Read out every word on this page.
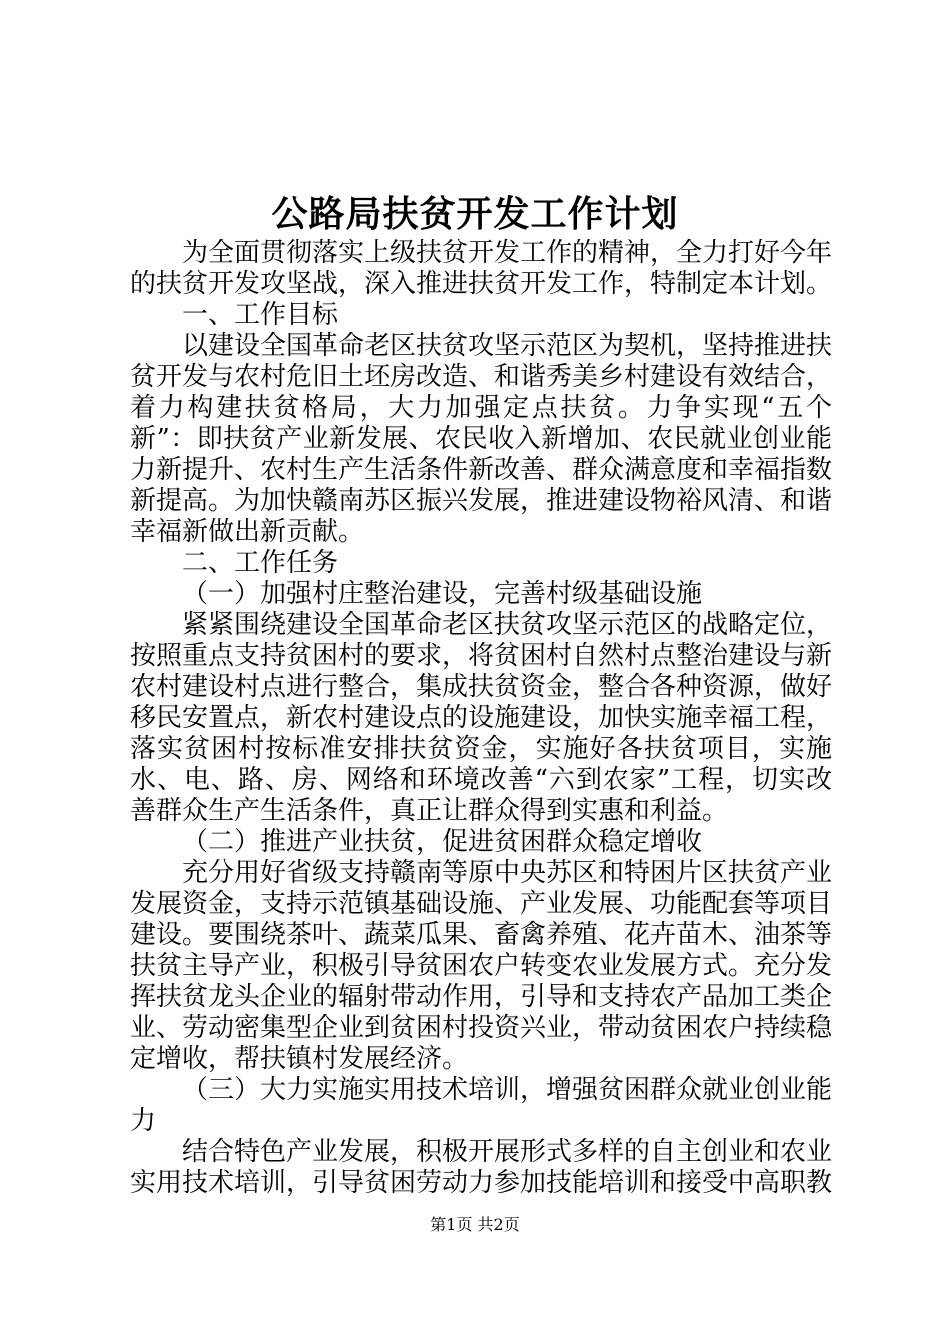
公路局扶贫开发工作计划

为全面贯彻落实上级扶贫开发工作的精神，全力打好今年的扶贫开发攻坚战，深入推进扶贫开发工作，特制定本计划。

一、工作目标

以建设全国革命老区扶贫攻坚示范区为契机，坚持推进扶贫开发与农村危旧土坯房改造、和谐秀美乡村建设有效结合，着力构建扶贫格局，大力加强定点扶贫。力争实现“五个新”：即扶贫产业新发展、农民收入新增加、农民就业创业能力新提升、农村生产生活条件新改善、群众满意度和幸福指数新提高。为加快赣南苏区振兴发展，推进建设物裕风清、和谐幸福新做出新贡献。

二、工作任务

（一）加强村庄整治建设，完善村级基础设施

紧紧围绕建设全国革命老区扶贫攻坚示范区的战略定位，按照重点支持贫困村的要求，将贫困村自然村点整治建设与新农村建设村点进行整合，集成扶贫资金，整合各种资源，做好移民安置点，新农村建设点的设施建设，加快实施幸福工程，落实贫困村按标准安排扶贫资金，实施好各扶贫项目，实施水、电、路、房、网络和环境改善“六到农家”工程，切实改善群众生产生活条件，真正让群众得到实惠和利益。

（二）推进产业扶贫，促进贫困群众稳定增收

充分用好省级支持赣南等原中央苏区和特困片区扶贫产业发展资金，支持示范镇基础设施、产业发展、功能配套等项目建设。要围绕茶叶、蔬菜瓜果、畜禽养殖、花卉苗木、油茶等扶贫主导产业，积极引导贫困农户转变农业发展方式。充分发挥扶贫龙头企业的辐射带动作用，引导和支持农产品加工类企业、劳动密集型企业到贫困村投资兴业，带动贫困农户持续稳定增收，帮扶镇村发展经济。

（三）大力实施实用技术培训，增强贫困群众就业创业能力

结合特色产业发展，积极开展形式多样的自主创业和农业实用技术培训，引导贫困劳动力参加技能培训和接受中高职教

第1页 共2页
